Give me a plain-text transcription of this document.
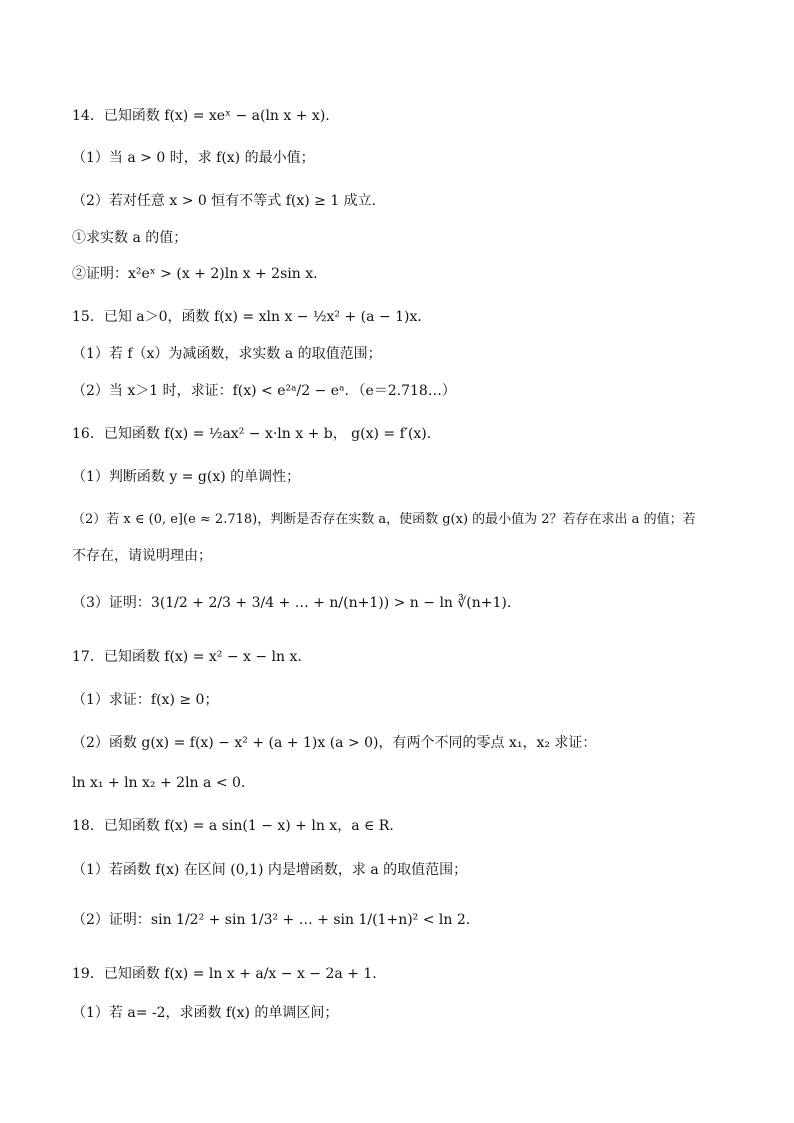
14．已知函数 f(x) = xeˣ − a(ln x + x).
（1）当 a > 0 时，求 f(x) 的最小值；
（2）若对任意 x > 0 恒有不等式 f(x) ≥ 1 成立.
①求实数 a 的值；
②证明：x²eˣ > (x + 2)ln x + 2sin x.
15．已知 a＞0，函数 f(x) = xln x − ½x² + (a − 1)x．
（1）若 f（x）为减函数，求实数 a 的取值范围；
（2）当 x＞1 时，求证：f(x) < e²ᵃ/2 − eᵃ．（e＝2.718…）
16．已知函数 f(x) = ½ax² − x·ln x + b， g(x) = f′(x).
（1）判断函数 y = g(x) 的单调性；
（2）若 x ∈ (0, e](e ≈ 2.718)，判断是否存在实数 a，使函数 g(x) 的最小值为 2？若存在求出 a 的值；若
不存在，请说明理由；
（3）证明：3(1/2 + 2/3 + 3/4 + … + n/(n+1)) > n − ln ∛(n+1).
17．已知函数 f(x) = x² − x − ln x.
（1）求证：f(x) ≥ 0；
（2）函数 g(x) = f(x) − x² + (a + 1)x (a > 0)，有两个不同的零点 x₁，x₂ 求证：
ln x₁ + ln x₂ + 2ln a < 0.
18．已知函数 f(x) = a sin(1 − x) + ln x，a ∈ R.
（1）若函数 f(x) 在区间 (0,1) 内是增函数，求 a 的取值范围；
（2）证明：sin 1/2² + sin 1/3² + … + sin 1/(1+n)² < ln 2.
19．已知函数 f(x) = ln x + a/x − x − 2a + 1.
（1）若 a= -2，求函数 f(x) 的单调区间；
